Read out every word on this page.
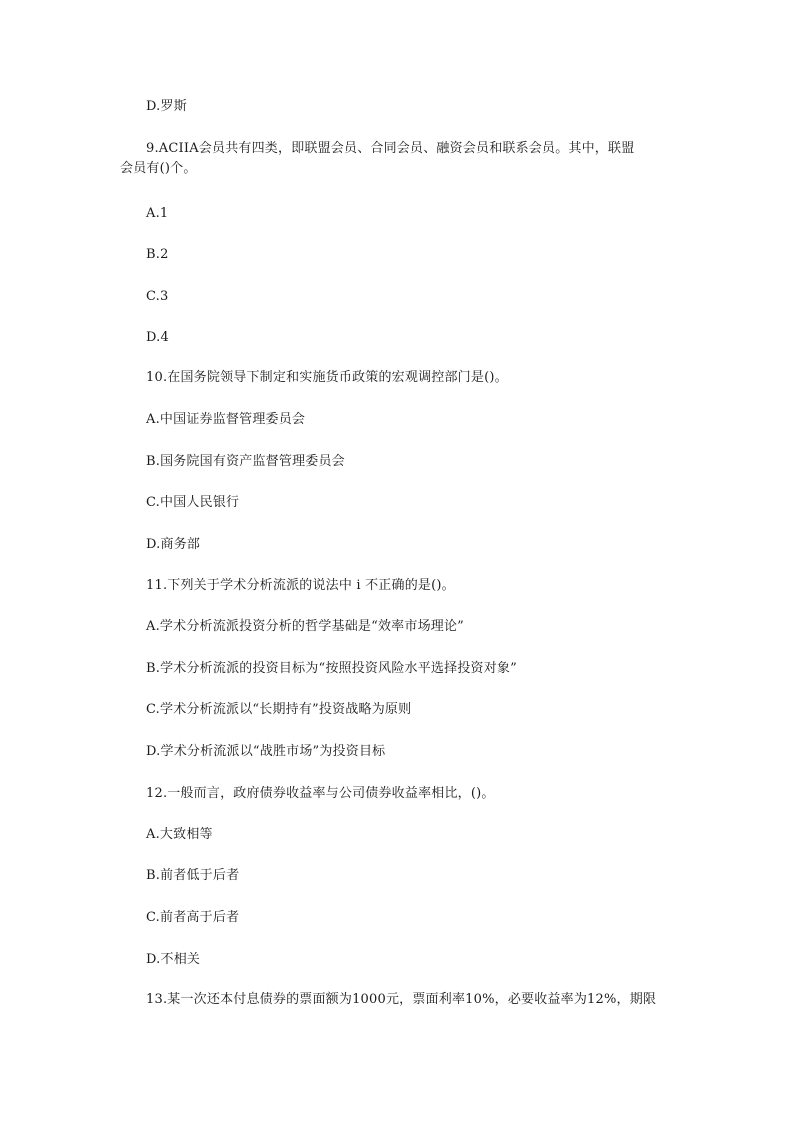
D.罗斯
9.ACIIA会员共有四类，即联盟会员、合同会员、融资会员和联系会员。其中，联盟
会员有()个。
A.1
B.2
C.3
D.4
10.在国务院领导下制定和实施货币政策的宏观调控部门是()。
A.中国证券监督管理委员会
B.国务院国有资产监督管理委员会
C.中国人民银行
D.商务部
11.下列关于学术分析流派的说法中 i 不正确的是()。
A.学术分析流派投资分析的哲学基础是“效率市场理论”
B.学术分析流派的投资目标为“按照投资风险水平选择投资对象”
C.学术分析流派以“长期持有”投资战略为原则
D.学术分析流派以“战胜市场”为投资目标
12.一般而言，政府债券收益率与公司债券收益率相比，()。
A.大致相等
B.前者低于后者
C.前者高于后者
D.不相关
13.某一次还本付息债券的票面额为1000元，票面利率10%，必要收益率为12%，期限
